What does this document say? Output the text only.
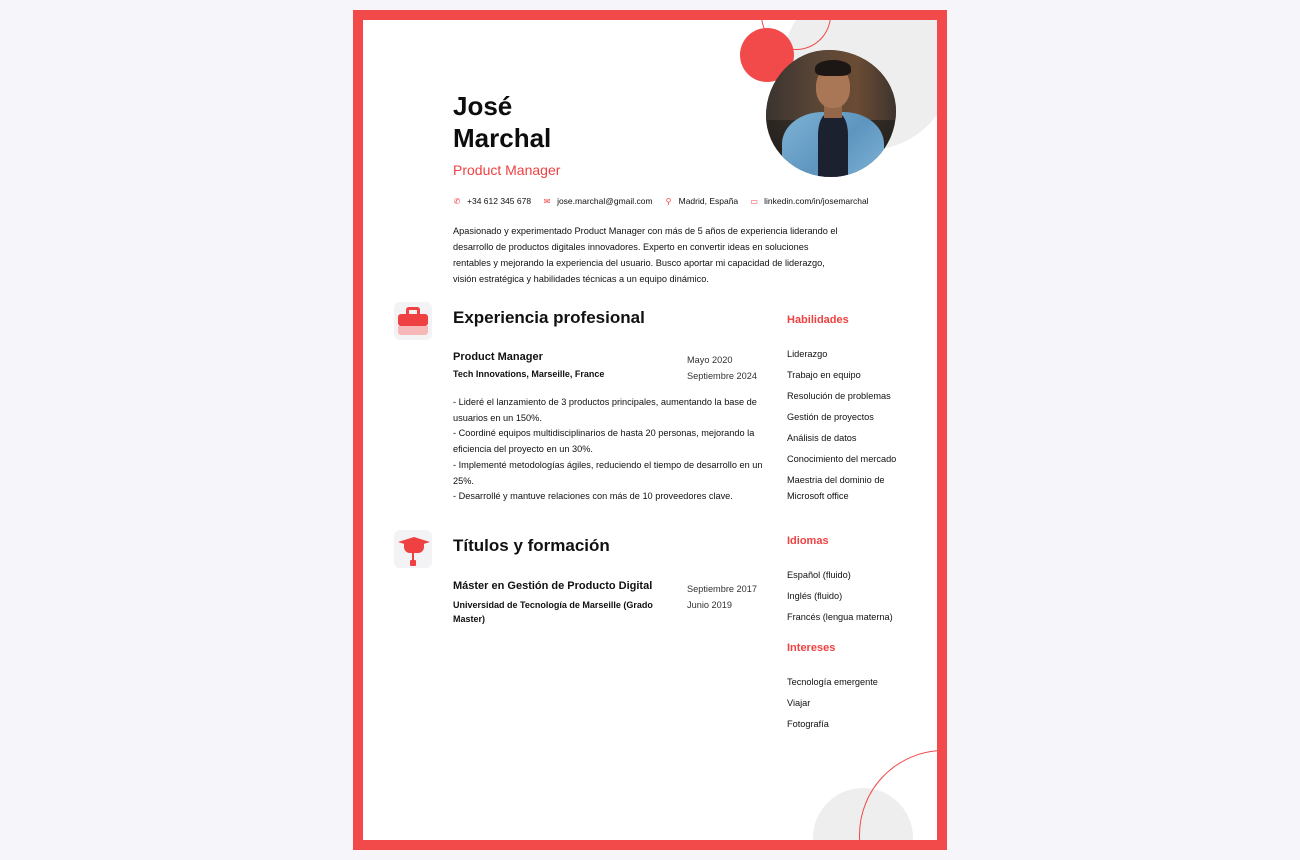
José
Marchal
Product Manager
✆ +34 612 345 678 ✉ jose.marchal@gmail.com ⚲ Madrid, España ▭ linkedin.com/in/josemarchal

Apasionado y experimentado Product Manager con más de 5 años de experiencia liderando el desarrollo de productos digitales innovadores. Experto en convertir ideas en soluciones rentables y mejorando la experiencia del usuario. Busco aportar mi capacidad de liderazgo, visión estratégica y habilidades técnicas a un equipo dinámico.

Experiencia profesional
Product Manager
Tech Innovations, Marseille, France
Mayo 2020
Septiembre 2024
- Lideré el lanzamiento de 3 productos principales, aumentando la base de usuarios en un 150%.
- Coordiné equipos multidisciplinarios de hasta 20 personas, mejorando la eficiencia del proyecto en un 30%.
- Implementé metodologías ágiles, reduciendo el tiempo de desarrollo en un 25%.
- Desarrollé y mantuve relaciones con más de 10 proveedores clave.
Títulos y formación
Máster en Gestión de Producto Digital
Universidad de Tecnología de Marseille (Grado Master)
Septiembre 2017
Junio 2019
Habilidades
Liderazgo
Trabajo en equipo
Resolución de problemas
Gestión de proyectos
Análisis de datos
Conocimiento del mercado
Maestria del dominio de Microsoft office
Idiomas
Español (fluido)
Inglés (fluido)
Francés (lengua materna)
Intereses
Tecnología emergente
Viajar
Fotografía
